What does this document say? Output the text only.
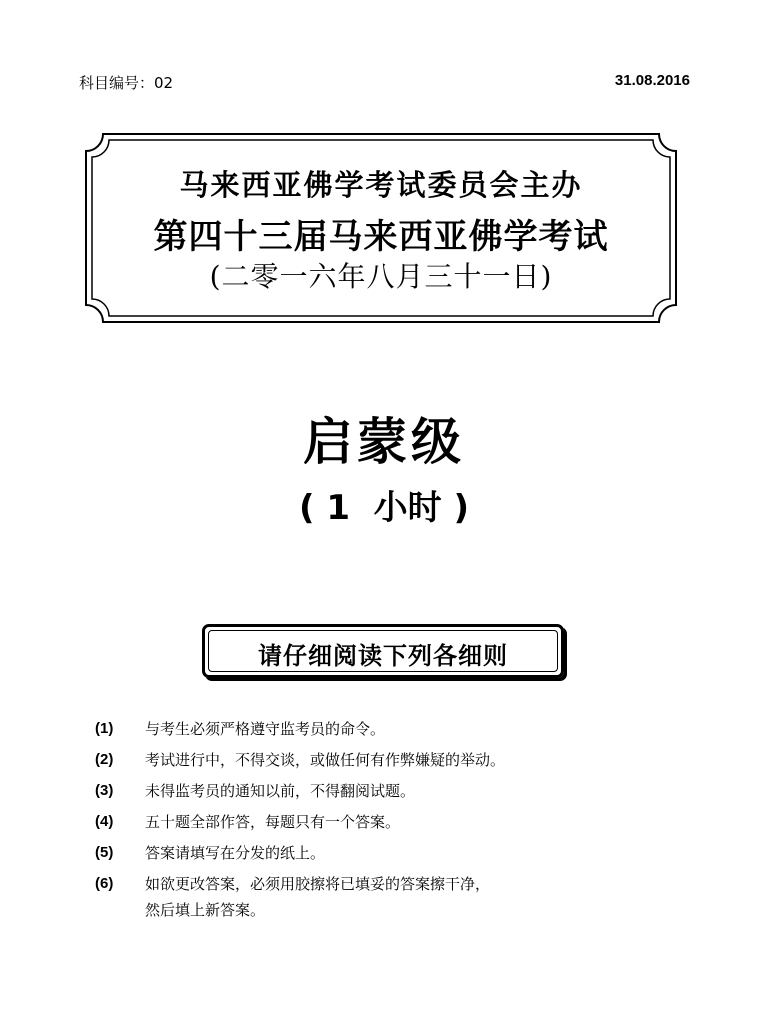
科目编号：02	31.08.2016
马来西亚佛学考试委员会主办
第四十三届马来西亚佛学考试
(二零一六年八月三十一日)
启蒙级
( 1  小时 )
请仔细阅读下列各细则
(1)	与考生必须严格遵守监考员的命令。
(2)	考试进行中，不得交谈，或做任何有作弊嫌疑的举动。
(3)	未得监考员的通知以前，不得翻阅试题。
(4)	五十题全部作答，每题只有一个答案。
(5)	答案请填写在分发的纸上。
(6)	如欲更改答案，必须用胶擦将已填妥的答案擦干净，
然后填上新答案。
